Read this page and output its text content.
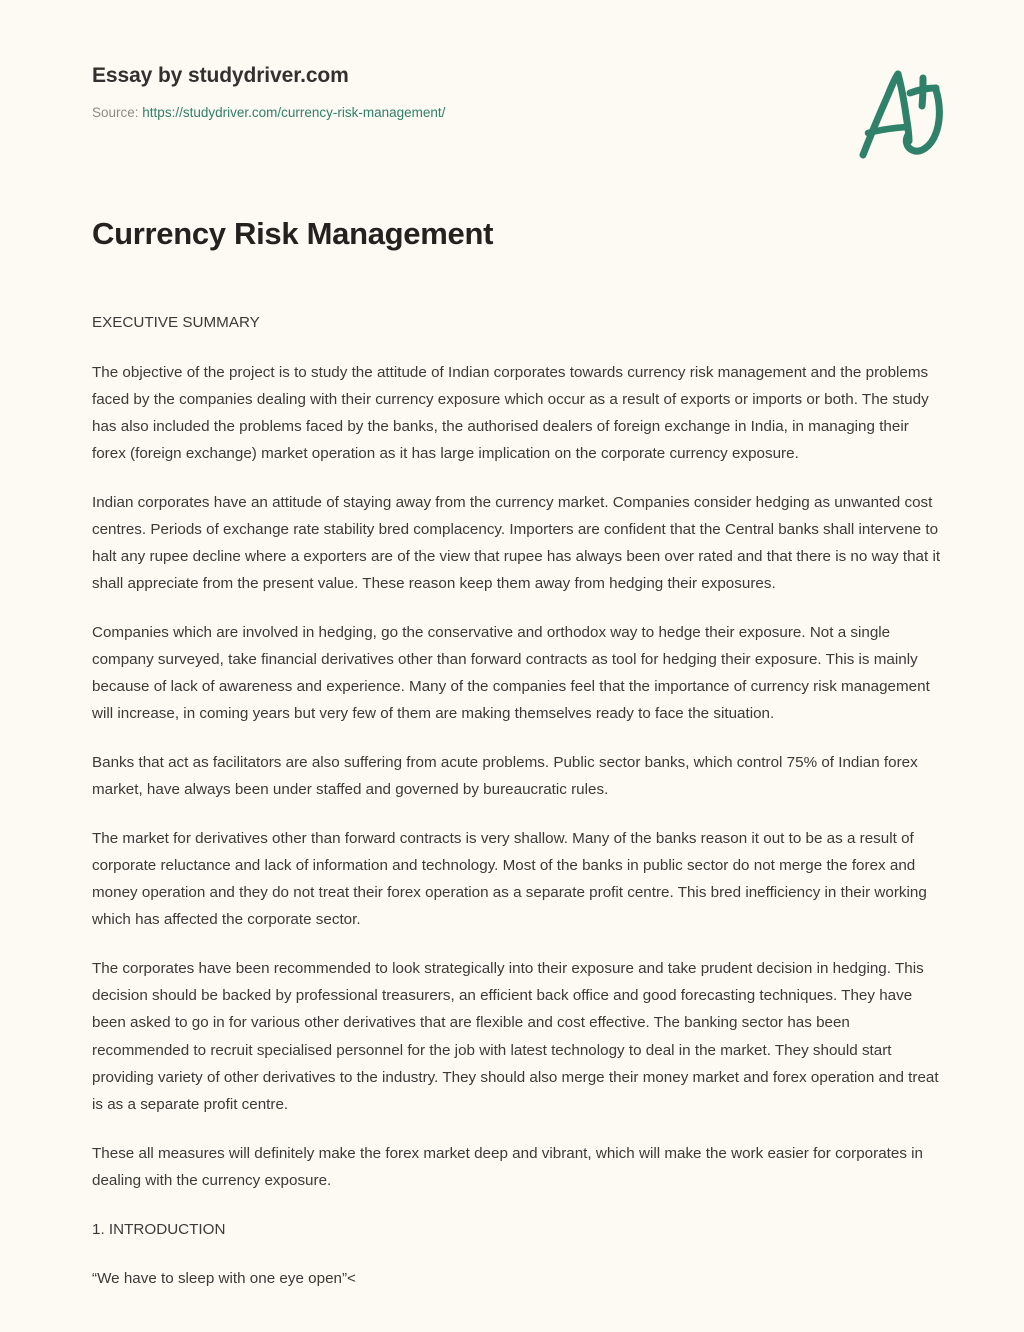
Essay by studydriver.com
Source: https://studydriver.com/currency-risk-management/
Currency Risk Management

EXECUTIVE SUMMARY

The objective of the project is to study the attitude of Indian corporates towards currency risk management and the problems faced by the companies dealing with their currency exposure which occur as a result of exports or imports or both. The study has also included the problems faced by the banks, the authorised dealers of foreign exchange in India, in managing their forex (foreign exchange) market operation as it has large implication on the corporate currency exposure.

Indian corporates have an attitude of staying away from the currency market. Companies consider hedging as unwanted cost centres. Periods of exchange rate stability bred complacency. Importers are confident that the Central banks shall intervene to halt any rupee decline where a exporters are of the view that rupee has always been over rated and that there is no way that it shall appreciate from the present value. These reason keep them away from hedging their exposures.

Companies which are involved in hedging, go the conservative and orthodox way to hedge their exposure. Not a single company surveyed, take financial derivatives other than forward contracts as tool for hedging their exposure. This is mainly because of lack of awareness and experience. Many of the companies feel that the importance of currency risk management will increase, in coming years but very few of them are making themselves ready to face the situation.

Banks that act as facilitators are also suffering from acute problems. Public sector banks, which control 75% of Indian forex market, have always been under staffed and governed by bureaucratic rules.

The market for derivatives other than forward contracts is very shallow. Many of the banks reason it out to be as a result of corporate reluctance and lack of information and technology. Most of the banks in public sector do not merge the forex and money operation and they do not treat their forex operation as a separate profit centre. This bred inefficiency in their working which has affected the corporate sector.

The corporates have been recommended to look strategically into their exposure and take prudent decision in hedging. This decision should be backed by professional treasurers, an efficient back office and good forecasting techniques. They have been asked to go in for various other derivatives that are flexible and cost effective. The banking sector has been recommended to recruit specialised personnel for the job with latest technology to deal in the market. They should start providing variety of other derivatives to the industry. They should also merge their money market and forex operation and treat is as a separate profit centre.

These all measures will definitely make the forex market deep and vibrant, which will make the work easier for corporates in dealing with the currency exposure.

1. INTRODUCTION

“We have to sleep with one eye open”<
